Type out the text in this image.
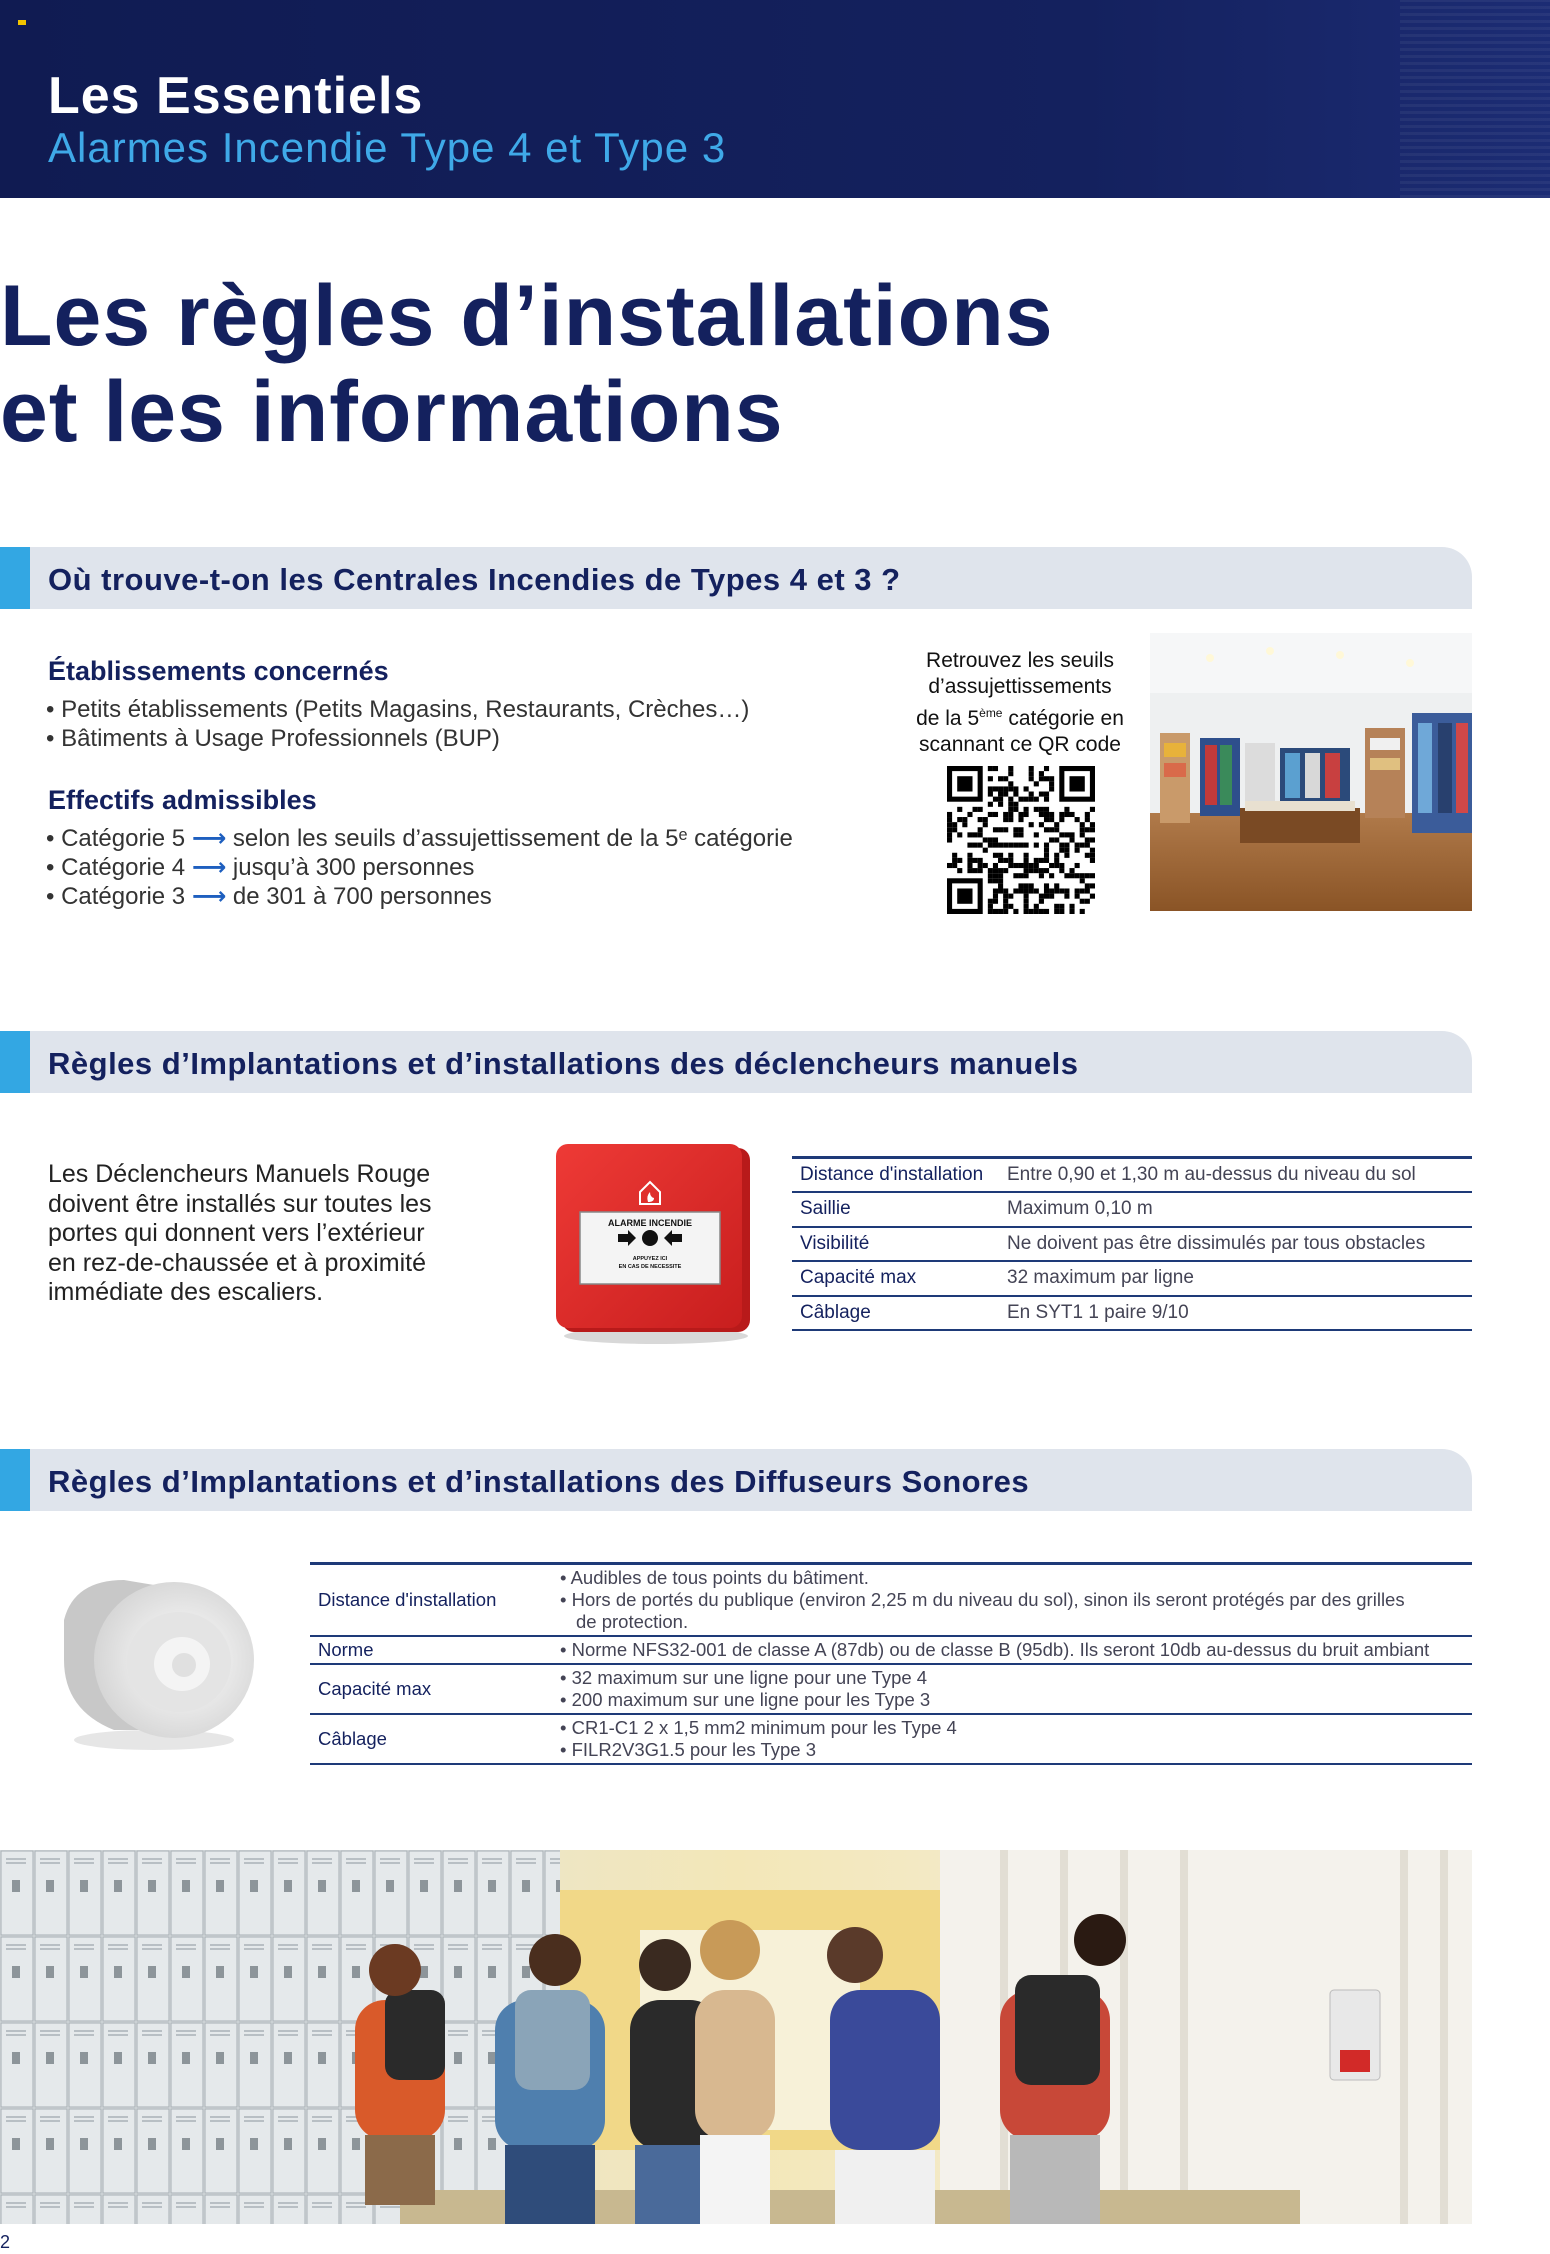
Les Essentiels
Alarmes Incendie Type 4 et Type 3
Les règles d’installations
et les informations
Où trouve-t-on les Centrales Incendies de Types 4 et 3 ?
Établissements concernés
• Petits établissements (Petits Magasins, Restaurants, Crèches…)
• Bâtiments à Usage Professionnels (BUP)
Effectifs admissibles
• Catégorie 5 ⟶ selon les seuils d’assujettissement de la 5ᵉ catégorie
• Catégorie 4 ⟶ jusqu’à 300 personnes
• Catégorie 3 ⟶ de 301 à 700 personnes
Retrouvez les seuils
d’assujettissements
de la 5ème catégorie en
scannant ce QR code
Règles d’Implantations et d’installations des déclencheurs manuels
Les Déclencheurs Manuels Rouge doivent être installés sur toutes les portes qui donnent vers l’extérieur en rez-de-chaussée et à proximité immédiate des escaliers.
ALARME INCENDIE
APPUYEZ ICI
EN CAS DE NECESSITE
Distance d'installation	Entre 0,90 et 1,30 m au-dessus du niveau du sol
Saillie	Maximum 0,10 m
Visibilité	Ne doivent pas être dissimulés par tous obstacles
Capacité max	32 maximum par ligne
Câblage	En SYT1 1 paire 9/10
Règles d’Implantations et d’installations des Diffuseurs Sonores
Distance d'installation	• Audibles de tous points du bâtiment.
• Hors de portés du publique (environ 2,25 m du niveau du sol), sinon ils seront protégés par des grilles
de protection.

Norme	• Norme NFS32-001 de classe A (87db) ou de classe B (95db). Ils seront 10db au-dessus du bruit ambiant

Capacité max	• 32 maximum sur une ligne pour une Type 4
• 200 maximum sur une ligne pour les Type 3

Câblage	• CR1-C1 2 x 1,5 mm2 minimum pour les Type 4
• FILR2V3G1.5 pour les Type 3
2
